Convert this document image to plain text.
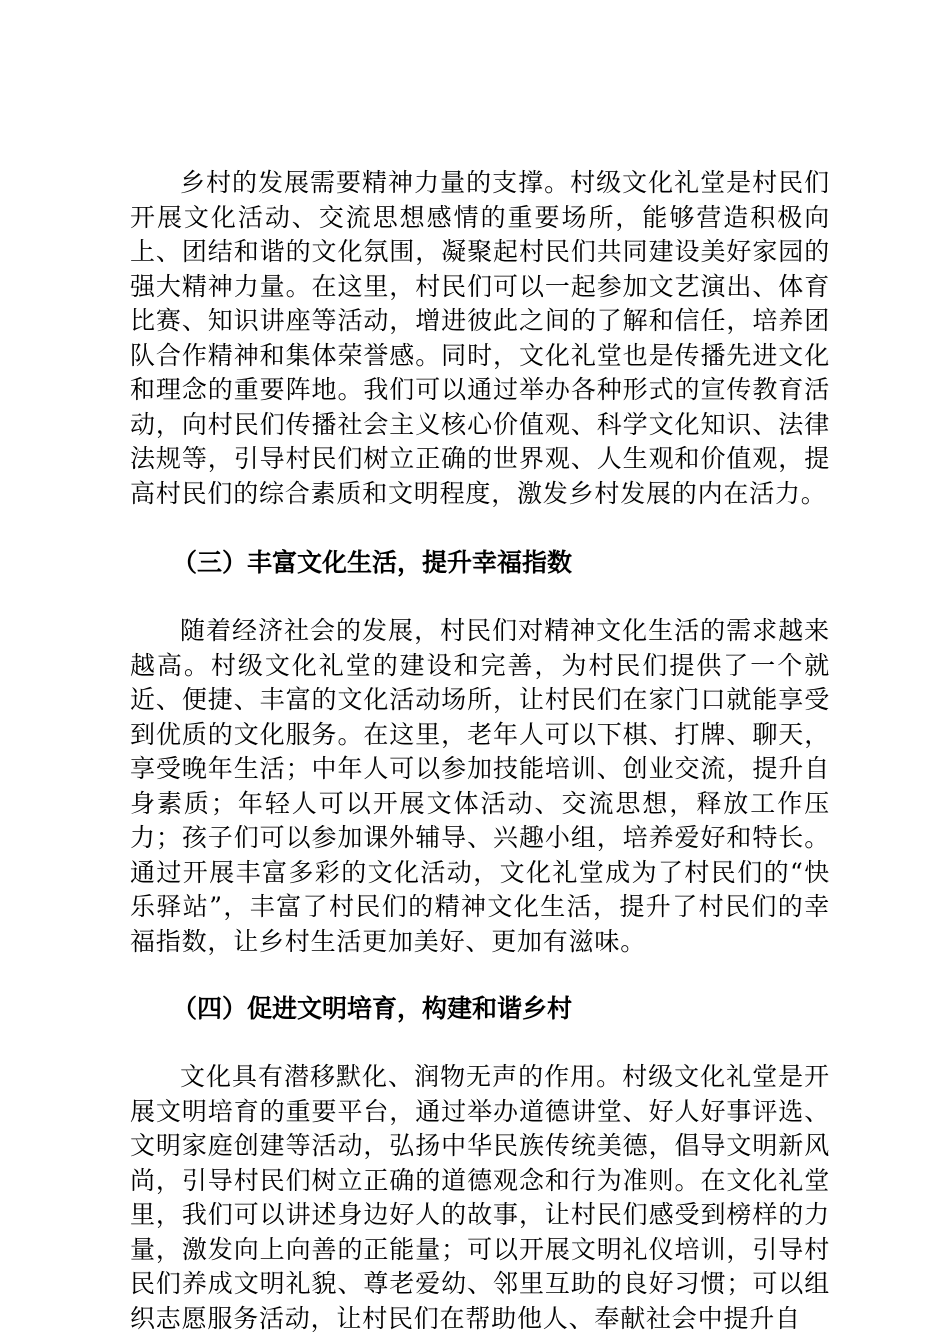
乡村的发展需要精神力量的支撑。村级文化礼堂是村民们开展文化活动、交流思想感情的重要场所，能够营造积极向上、团结和谐的文化氛围，凝聚起村民们共同建设美好家园的强大精神力量。在这里，村民们可以一起参加文艺演出、体育比赛、知识讲座等活动，增进彼此之间的了解和信任，培养团队合作精神和集体荣誉感。同时，文化礼堂也是传播先进文化和理念的重要阵地。我们可以通过举办各种形式的宣传教育活动，向村民们传播社会主义核心价值观、科学文化知识、法律法规等，引导村民们树立正确的世界观、人生观和价值观，提高村民们的综合素质和文明程度，激发乡村发展的内在活力。

（三）丰富文化生活，提升幸福指数

随着经济社会的发展，村民们对精神文化生活的需求越来越高。村级文化礼堂的建设和完善，为村民们提供了一个就近、便捷、丰富的文化活动场所，让村民们在家门口就能享受到优质的文化服务。在这里，老年人可以下棋、打牌、聊天，享受晚年生活；中年人可以参加技能培训、创业交流，提升自身素质；年轻人可以开展文体活动、交流思想，释放工作压力；孩子们可以参加课外辅导、兴趣小组，培养爱好和特长。通过开展丰富多彩的文化活动，文化礼堂成为了村民们的“快乐驿站”，丰富了村民们的精神文化生活，提升了村民们的幸福指数，让乡村生活更加美好、更加有滋味。

（四）促进文明培育，构建和谐乡村

文化具有潜移默化、润物无声的作用。村级文化礼堂是开展文明培育的重要平台，通过举办道德讲堂、好人好事评选、文明家庭创建等活动，弘扬中华民族传统美德，倡导文明新风尚，引导村民们树立正确的道德观念和行为准则。在文化礼堂里，我们可以讲述身边好人的故事，让村民们感受到榜样的力量，激发向上向善的正能量；可以开展文明礼仪培训，引导村民们养成文明礼貌、尊老爱幼、邻里互助的良好习惯；可以组织志愿服务活动，让村民们在帮助他人、奉献社会中提升自
